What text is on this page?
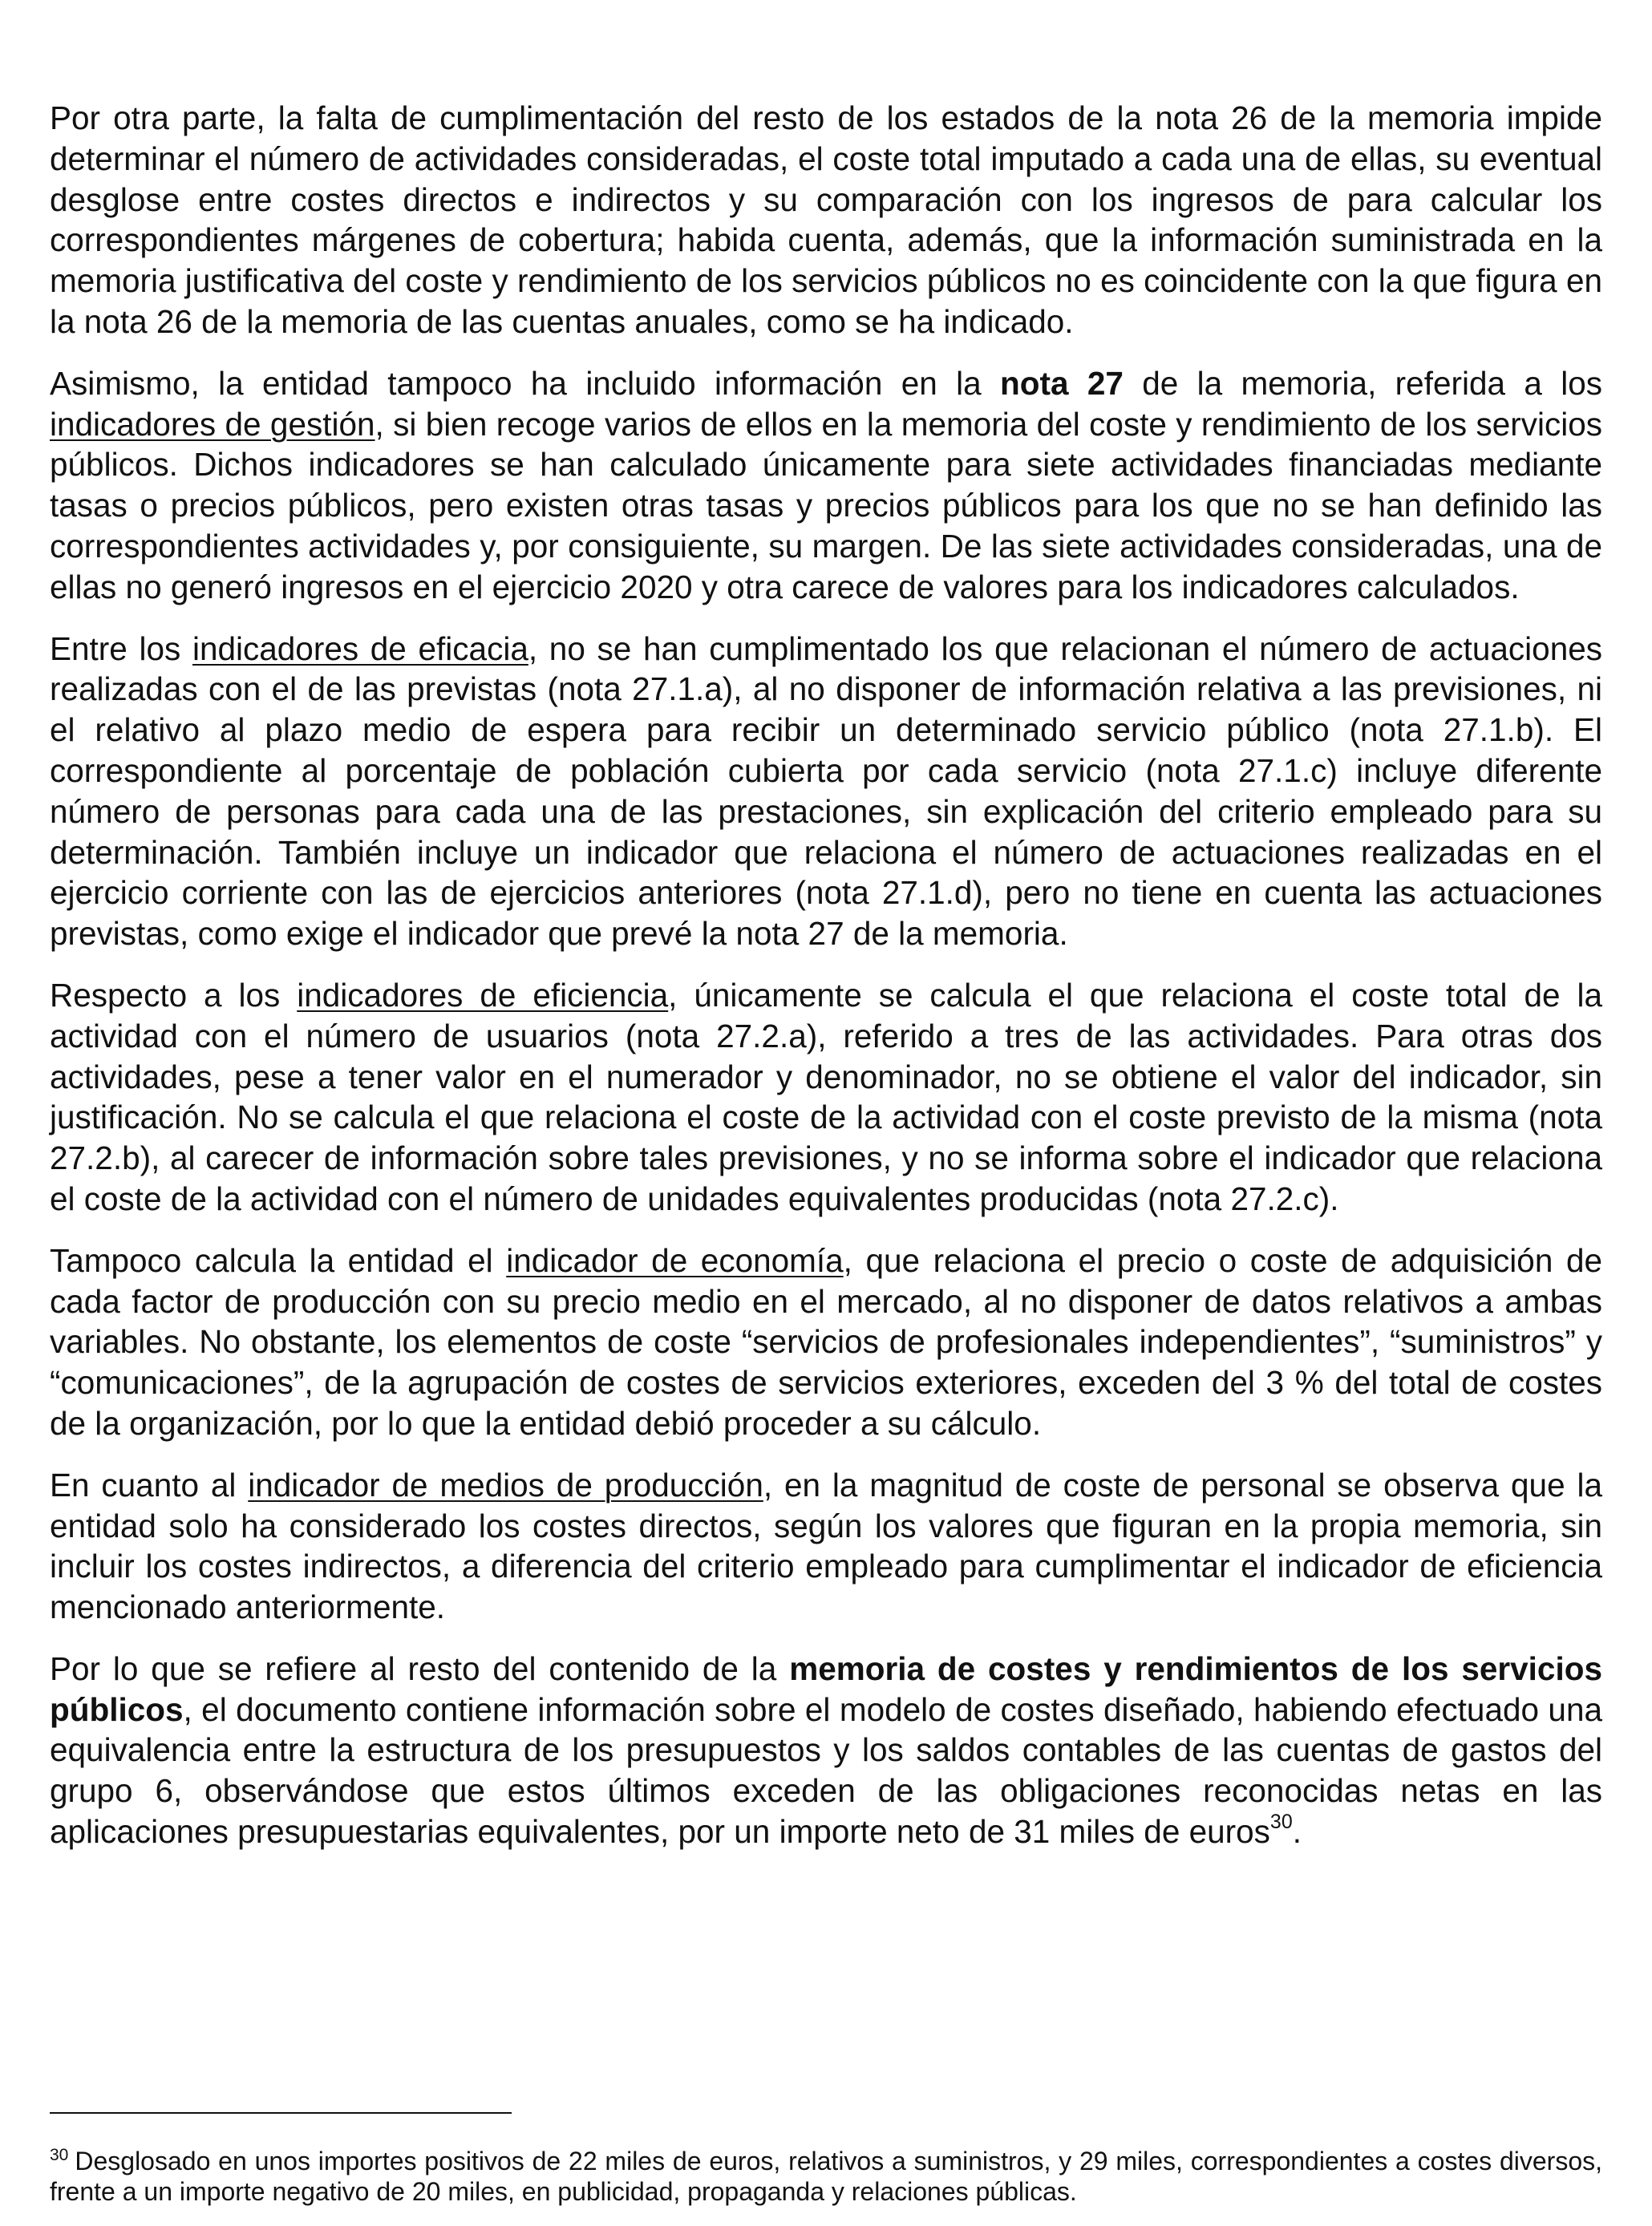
Por otra parte, la falta de cumplimentación del resto de los estados de la nota 26 de la memoria impide determinar el número de actividades consideradas, el coste total imputado a cada una de ellas, su eventual desglose entre costes directos e indirectos y su comparación con los ingresos de para calcular los correspondientes márgenes de cobertura; habida cuenta, además, que la información suministrada en la memoria justificativa del coste y rendimiento de los servicios públicos no es coincidente con la que figura en la nota 26 de la memoria de las cuentas anuales, como se ha indicado.

Asimismo, la entidad tampoco ha incluido información en la nota 27 de la memoria, referida a los indicadores de gestión, si bien recoge varios de ellos en la memoria del coste y rendimiento de los servicios públicos. Dichos indicadores se han calculado únicamente para siete actividades financiadas mediante tasas o precios públicos, pero existen otras tasas y precios públicos para los que no se han definido las correspondientes actividades y, por consiguiente, su margen. De las siete actividades consideradas, una de ellas no generó ingresos en el ejercicio 2020 y otra carece de valores para los indicadores calculados.

Entre los indicadores de eficacia, no se han cumplimentado los que relacionan el número de actuaciones realizadas con el de las previstas (nota 27.1.a), al no disponer de información relativa a las previsiones, ni el relativo al plazo medio de espera para recibir un determinado servicio público (nota 27.1.b). El correspondiente al porcentaje de población cubierta por cada servicio (nota 27.1.c) incluye diferente número de personas para cada una de las prestaciones, sin explicación del criterio empleado para su determinación. También incluye un indicador que relaciona el número de actuaciones realizadas en el ejercicio corriente con las de ejercicios anteriores (nota 27.1.d), pero no tiene en cuenta las actuaciones previstas, como exige el indicador que prevé la nota 27 de la memoria.

Respecto a los indicadores de eficiencia, únicamente se calcula el que relaciona el coste total de la actividad con el número de usuarios (nota 27.2.a), referido a tres de las actividades. Para otras dos actividades, pese a tener valor en el numerador y denominador, no se obtiene el valor del indicador, sin justificación. No se calcula el que relaciona el coste de la actividad con el coste previsto de la misma (nota 27.2.b), al carecer de información sobre tales previsiones, y no se informa sobre el indicador que relaciona el coste de la actividad con el número de unidades equivalentes producidas (nota 27.2.c).

Tampoco calcula la entidad el indicador de economía, que relaciona el precio o coste de adquisición de cada factor de producción con su precio medio en el mercado, al no disponer de datos relativos a ambas variables. No obstante, los elementos de coste “servicios de profesionales independientes”, “suministros” y “comunicaciones”, de la agrupación de costes de servicios exteriores, exceden del 3 % del total de costes de la organización, por lo que la entidad debió proceder a su cálculo.

En cuanto al indicador de medios de producción, en la magnitud de coste de personal se observa que la entidad solo ha considerado los costes directos, según los valores que figuran en la propia memoria, sin incluir los costes indirectos, a diferencia del criterio empleado para cumplimentar el indicador de eficiencia mencionado anteriormente.

Por lo que se refiere al resto del contenido de la memoria de costes y rendimientos de los servicios públicos, el documento contiene información sobre el modelo de costes diseñado, habiendo efectuado una equivalencia entre la estructura de los presupuestos y los saldos contables de las cuentas de gastos del grupo 6, observándose que estos últimos exceden de las obligaciones reconocidas netas en las aplicaciones presupuestarias equivalentes, por un importe neto de 31 miles de euros$^{30}$.

$^{30}$ Desglosado en unos importes positivos de 22 miles de euros, relativos a suministros, y 29 miles, correspondientes a costes diversos, frente a un importe negativo de 20 miles, en publicidad, propaganda y relaciones públicas.
